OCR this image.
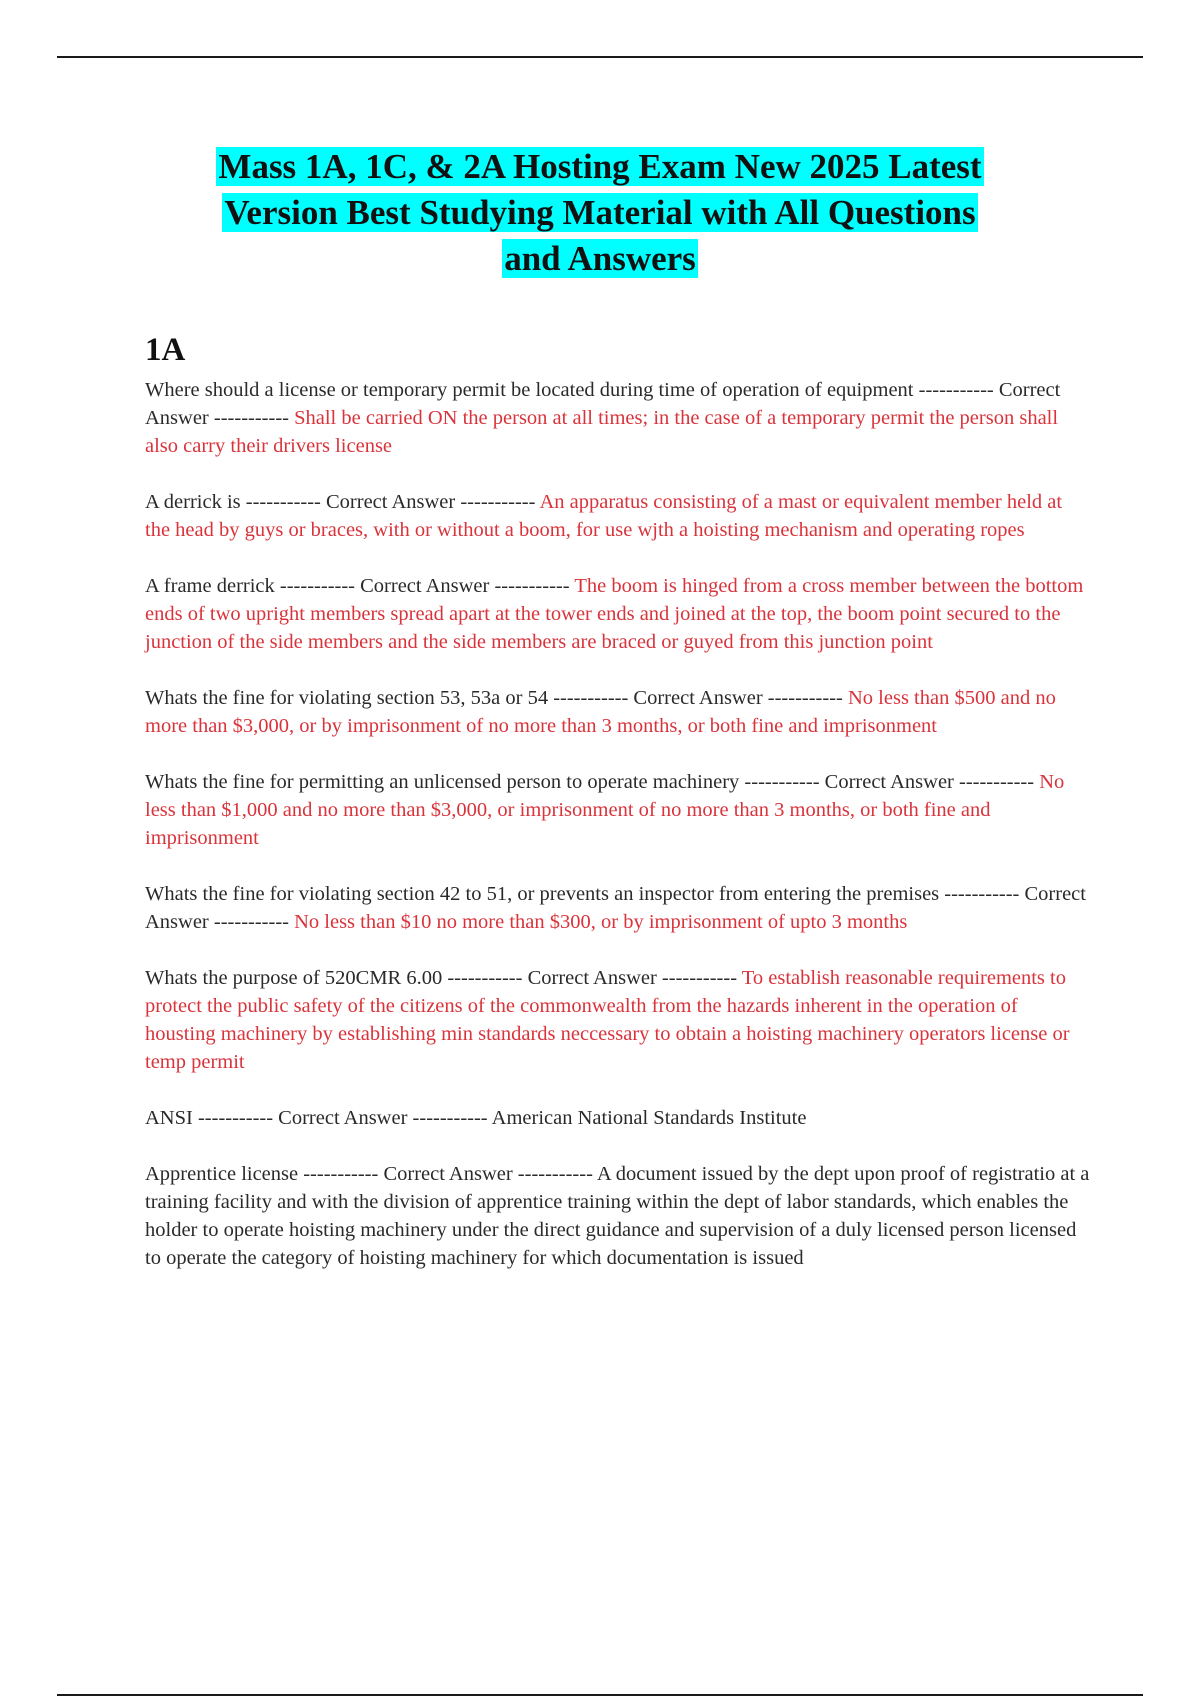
Mass 1A, 1C, & 2A Hosting Exam New 2025 Latest
Version Best Studying Material with All Questions
and Answers
1A

Where should a license or temporary permit be located during time of operation of equipment ----------- Correct Answer ----------- Shall be carried ON the person at all times; in the case of a temporary permit the person shall also carry their drivers license

A derrick is ----------- Correct Answer ----------- An apparatus consisting of a mast or equivalent member held at the head by guys or braces, with or without a boom, for use wjth a hoisting mechanism and operating ropes

A frame derrick ----------- Correct Answer ----------- The boom is hinged from a cross member between the bottom ends of two upright members spread apart at the tower ends and joined at the top, the boom point secured to the junction of the side members and the side members are braced or guyed from this junction point

Whats the fine for violating section 53, 53a or 54 ----------- Correct Answer ----------- No less than $500 and no more than $3,000, or by imprisonment of no more than 3 months, or both fine and imprisonment

Whats the fine for permitting an unlicensed person to operate machinery ----------- Correct Answer ----------- No less than $1,000 and no more than $3,000, or imprisonment of no more than 3 months, or both fine and imprisonment

Whats the fine for violating section 42 to 51, or prevents an inspector from entering the premises ----------- Correct Answer ----------- No less than $10 no more than $300, or by imprisonment of upto 3 months

Whats the purpose of 520CMR 6.00 ----------- Correct Answer ----------- To establish reasonable requirements to protect the public safety of the citizens of the commonwealth from the hazards inherent in the operation of housting machinery by establishing min standards neccessary to obtain a hoisting machinery operators license or temp permit

ANSI ----------- Correct Answer ----------- American National Standards Institute

Apprentice license ----------- Correct Answer ----------- A document issued by the dept upon proof of registratio at a training facility and with the division of apprentice training within the dept of labor standards, which enables the holder to operate hoisting machinery under the direct guidance and supervision of a duly licensed person licensed to operate the category of hoisting machinery for which documentation is issued
